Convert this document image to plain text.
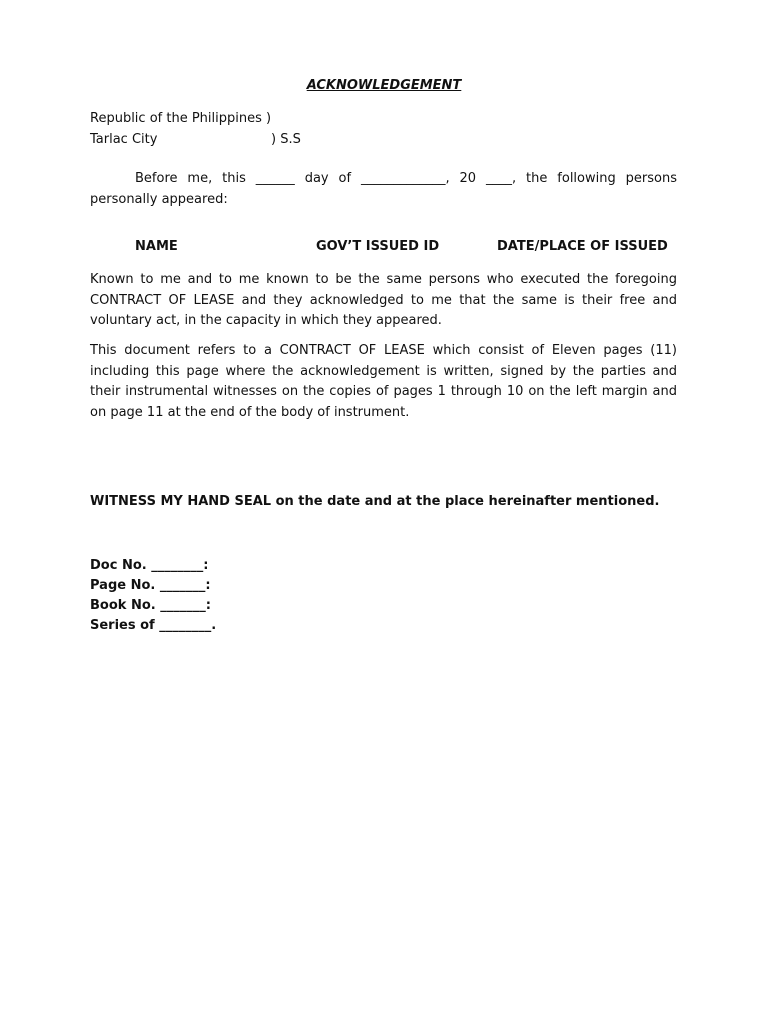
ACKNOWLEDGEMENT
Republic of the Philippines )
Tarlac City	) S.S
Before me, this ______ day of _____________, 20 ____, the following persons
personally appeared:
NAME	GOV’T ISSUED ID	DATE/PLACE OF ISSUED
Known to me and to me known to be the same persons who executed the foregoing CONTRACT OF LEASE and they acknowledged to me that the same is their free and voluntary act, in the capacity in which they appeared.
This document refers to a CONTRACT OF LEASE which consist of Eleven pages (11) including this page where the acknowledgement is written, signed by the parties and their instrumental witnesses on the copies of pages 1 through 10 on the left margin and on page 11 at the end of the body of instrument.
WITNESS MY HAND SEAL on the date and at the place hereinafter mentioned.
Doc No. ________:
Page No. _______:
Book No. _______:
Series of ________.
